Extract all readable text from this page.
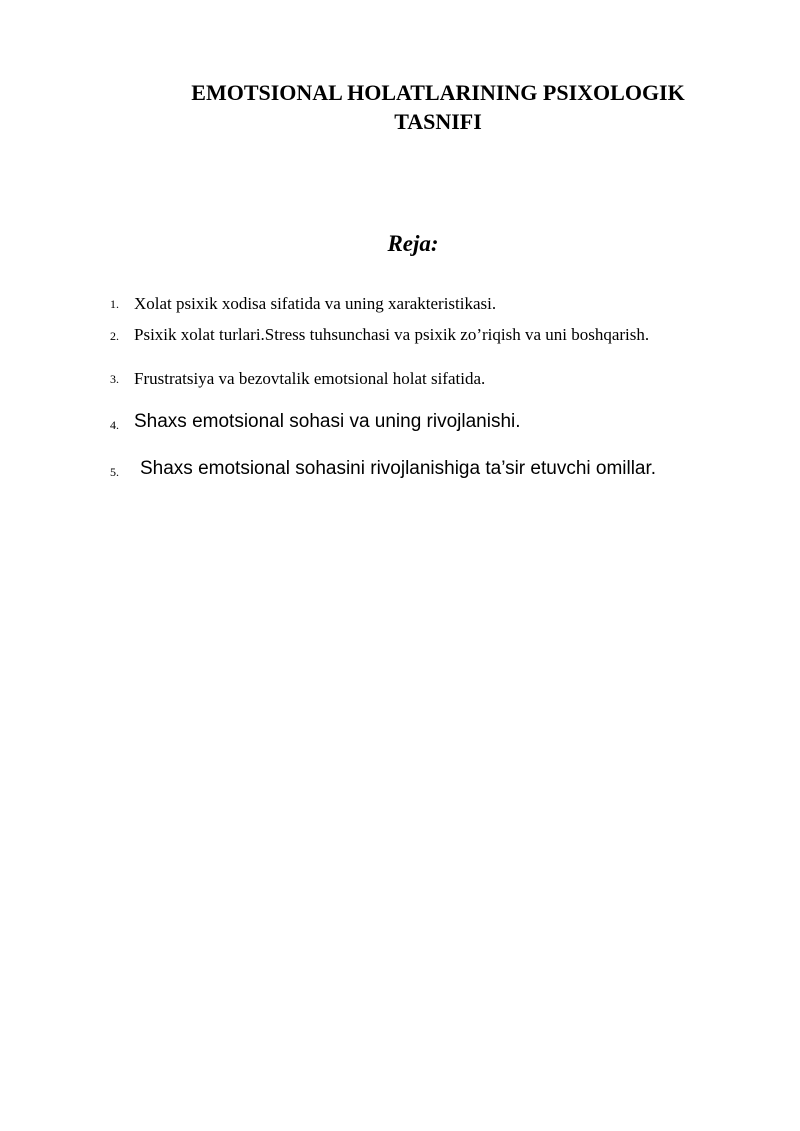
EMOTSIONAL HOLATLARINING PSIXOLOGIK
TASNIFI
Reja:
1. Xolat psixik xodisa sifatida va uning xarakteristikasi.
2. Psixik xolat turlari.Stress tuhsunchasi va psixik zo’riqish va uni boshqarish.
3. Frustratsiya va bezovtalik emotsional holat sifatida.
4. Shaxs emotsional sohasi va uning rivojlanishi.
5. Shaxs emotsional sohasini rivojlanishiga ta’sir etuvchi omillar.
